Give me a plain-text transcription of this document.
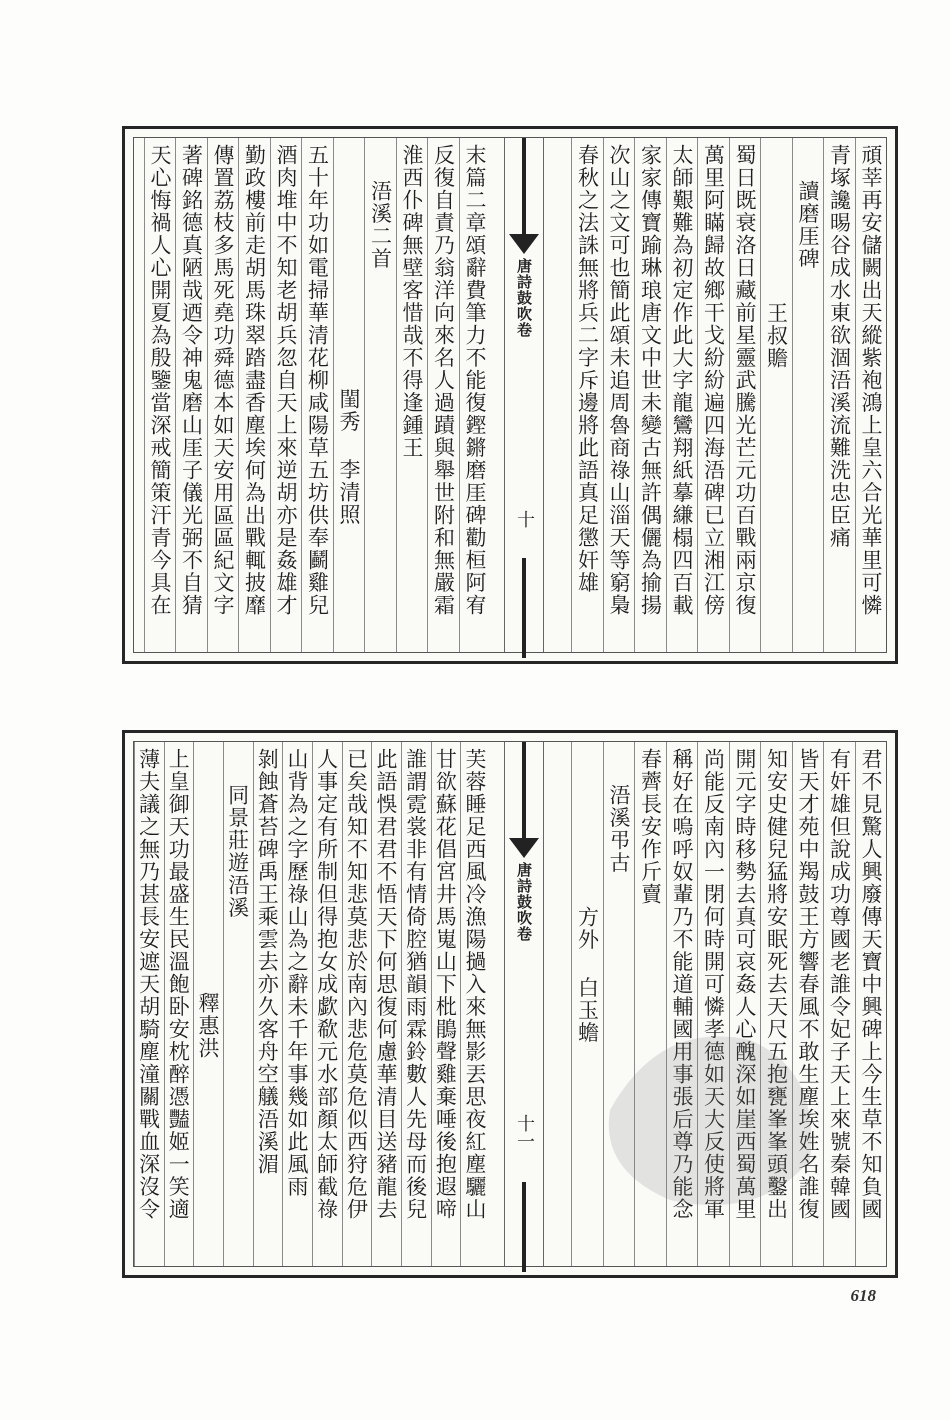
頑莘再安儲闕出天縱紫袍鴻上皇六合光華里可憐
青塚讒晹谷成水東欲涸浯溪流難洗忠臣痛
讀磨厓碑
王叔贍
蜀日既衰洛日藏前星靈武騰光芒元功百戰兩京復
萬里阿瞞歸故鄉干戈紛紛遍四海浯碑已立湘江傍
太師艱難為初定作此大字龍鸞翔紙摹縑榻四百載
家家傳寶踰琳琅唐文中世未變古無許偶儷為揄揚
次山之文可也簡此頌未追周魯商祿山淄天等窮梟
春秋之法誅無將兵二字斥邊將此語真足懲奸雄
唐詩鼓吹卷
十
末篇二章頌辭費筆力不能復鏗鏘磨厓碑勸桓阿宥
反復自責乃翁洋向來名人過蹟與舉世附和無嚴霜
淮西仆碑無壁客惜哉不得逢鍾王
浯溪二首
閨秀 李清照
五十年功如電掃華清花柳咸陽草五坊供奉鬬雞兒
酒肉堆中不知老胡兵忽自天上來逆胡亦是姦雄才
勤政樓前走胡馬珠翠踏盡香塵埃何為出戰輒披靡
傳置荔枝多馬死堯功舜德本如天安用區區紀文字
著碑銘德真陋哉迺令神鬼磨山厓子儀光弼不自猜
天心悔禍人心開夏為殷鑒當深戒簡策汗青今具在
君不見驚人興廢傳天寶中興碑上今生草不知負國
有奸雄但說成功尊國老誰令妃子天上來號秦韓國
皆天才苑中羯鼓王方響春風不敢生塵埃姓名誰復
知安史健兒猛將安眠死去天尺五抱甕峯峯頭鑿出
開元字時移勢去真可哀姦人心醜深如崖西蜀萬里
尚能反南內一閉何時開可憐孝德如天大反使將軍
稱好在嗚呼奴輩乃不能道輔國用事張后尊乃能念
春薺長安作斤賣
浯溪弔古
方外 白玉蟾
唐詩鼓吹卷
十一
芙蓉睡足西風冷漁陽撾入來無影丟思夜紅塵驪山
甘欲蘇花倡宮井馬嵬山下枇鵑聲雞棄唾後抱遐啼
誰謂霓裳非有情倚腔猶韻雨霖鈴數人先母而後兒
此語悞君君不悟天下何思復何慮華清目送豬龍去
已矣哉知不知悲莫悲於南內悲危莫危似西狩危伊
人事定有所制但得抱女成歔欷元水部顏太師截祿
山背為之字歷祿山為之辭未千年事幾如此風雨
剝蝕蒼苔碑禹王乘雲去亦久客舟空艤浯溪湄
同景莊遊浯溪
釋惠洪
上皇御天功最盛生民溫飽卧安枕醉憑豔姬一笑適
薄夫議之無乃甚長安遮天胡騎塵潼關戰血深沒令
618
